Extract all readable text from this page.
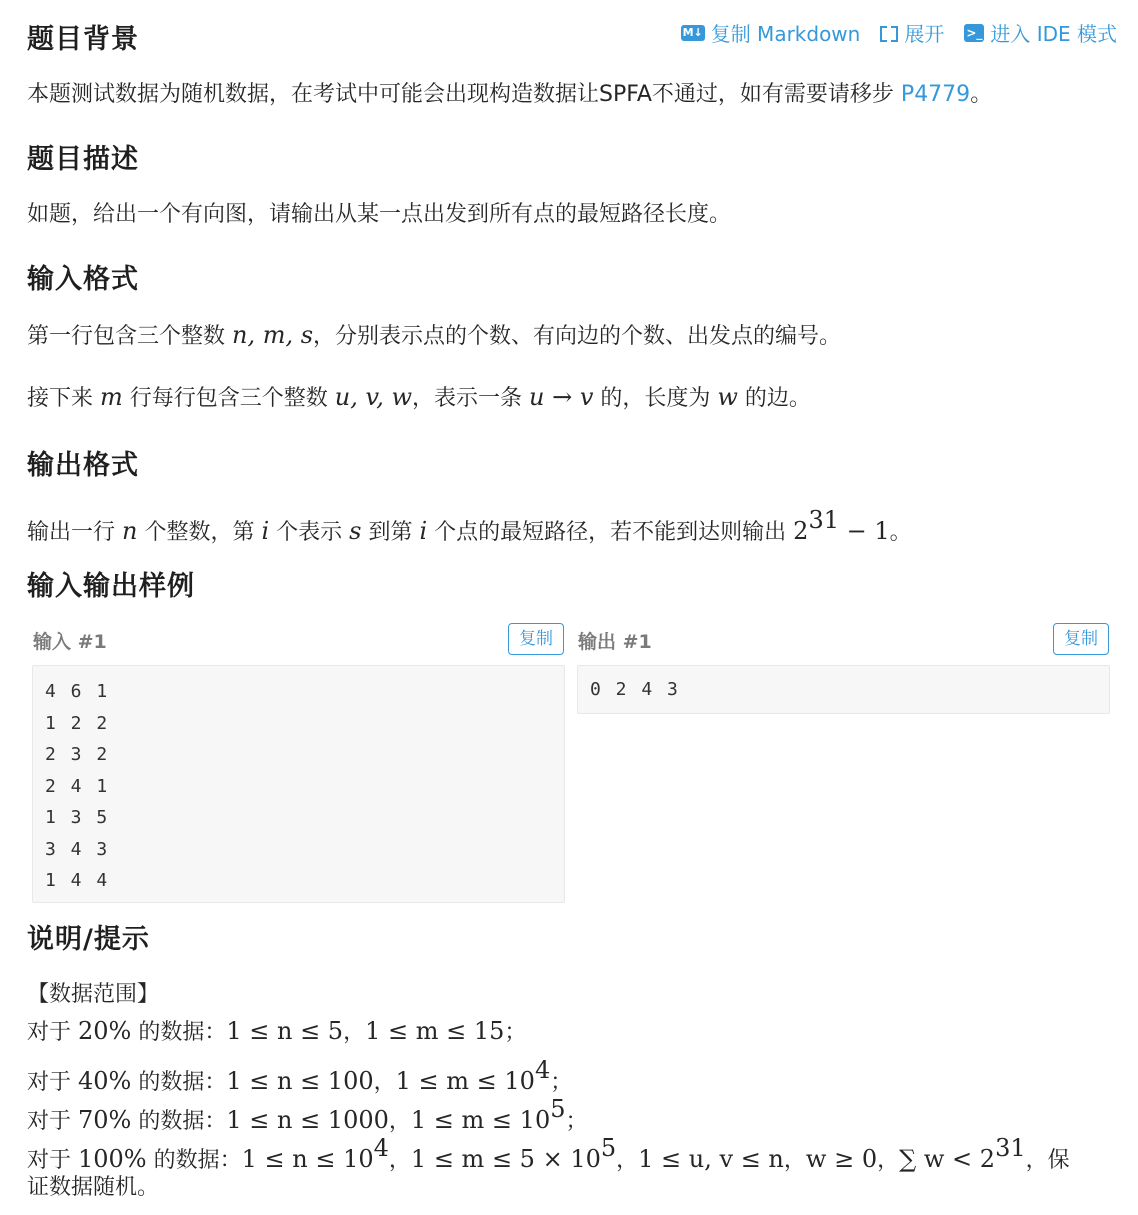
M↓ 复制 Markdown 展开 >_ 进入 IDE 模式
题目背景

本题测试数据为随机数据，在考试中可能会出现构造数据让SPFA不通过，如有需要请移步 P4779。

题目描述

如题，给出一个有向图，请输出从某一点出发到所有点的最短路径长度。

输入格式

第一行包含三个整数 n, m, s，分别表示点的个数、有向边的个数、出发点的编号。

接下来 m 行每行包含三个整数 u, v, w，表示一条 u → v 的，长度为 w 的边。

输出格式

输出一行 n 个整数，第 i 个表示 s 到第 i 个点的最短路径，若不能到达则输出 $2^{31} - 1$。

输入输出样例
输入 #1	复制
4 6 1
1 2 2
2 3 2
2 4 1
1 3 5
3 4 3
1 4 4
输出 #1	复制
0 2 4 3
说明/提示

【数据范围】

对于 20% 的数据：1 ≤ n ≤ 5，1 ≤ m ≤ 15；

对于 40% 的数据：1 ≤ n ≤ 100，$1 \le m \le 10^4$；

对于 70% 的数据：1 ≤ n ≤ 1000，$1 \le m \le 10^5$；

对于 100% 的数据：$1 \le n \le 10^4$，$1 \le m \le 5 \times 10^5$，1 ≤ u, v ≤ n，w ≥ 0，∑ $w < 2^{31}$，保

证数据随机。
